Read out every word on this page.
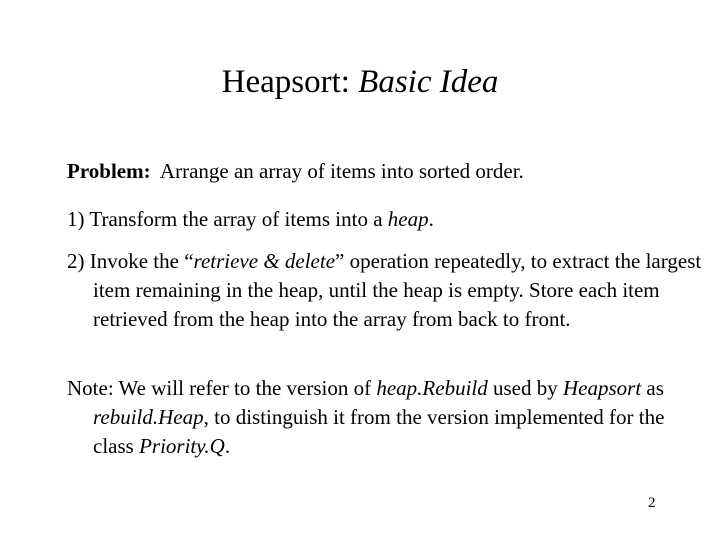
Heapsort: Basic Idea
Problem:  Arrange an array of items into sorted order.
1) Transform the array of items into a heap.
2) Invoke the “retrieve & delete” operation repeatedly, to extract the largest item remaining in the heap, until the heap is empty. Store each item retrieved from the heap into the array from back to front.
Note: We will refer to the version of heap.Rebuild used by Heapsort as rebuild.Heap, to distinguish it from the version implemented for the class Priority.Q.
2
